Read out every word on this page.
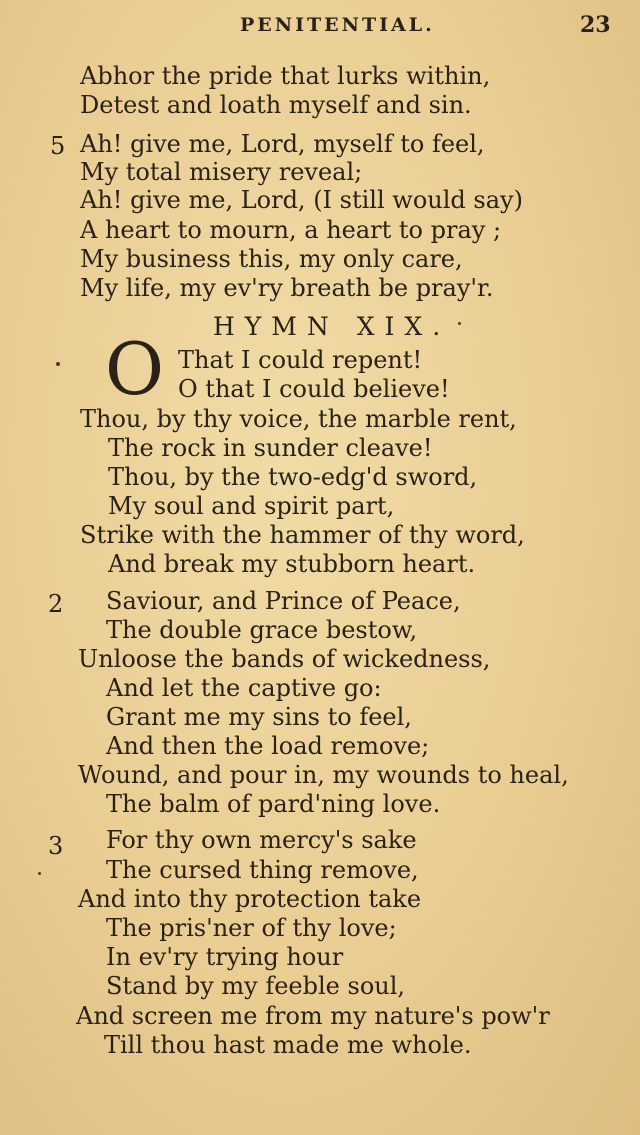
PENITENTIAL.	23
Abhor the pride that lurks within,
Detest and loath myself and sin.
5 Ah! give me, Lord, myself to feel,
My total misery reveal;
Ah! give me, Lord, (I still would say)
A heart to mourn, a heart to pray ;
My business this, my only care,
My life, my ev'ry breath be pray'r.
HYMN XIX.
O That I could repent!
O that I could believe!
Thou, by thy voice, the marble rent,
The rock in sunder cleave!
Thou, by the two-edg'd sword,
My soul and spirit part,
Strike with the hammer of thy word,
And break my stubborn heart.
2 Saviour, and Prince of Peace,
The double grace bestow,
Unloose the bands of wickedness,
And let the captive go:
Grant me my sins to feel,
And then the load remove;
Wound, and pour in, my wounds to heal,
The balm of pard'ning love.
3 For thy own mercy's sake
The cursed thing remove,
And into thy protection take
The pris'ner of thy love;
In ev'ry trying hour
Stand by my feeble soul,
And screen me from my nature's pow'r
Till thou hast made me whole.
